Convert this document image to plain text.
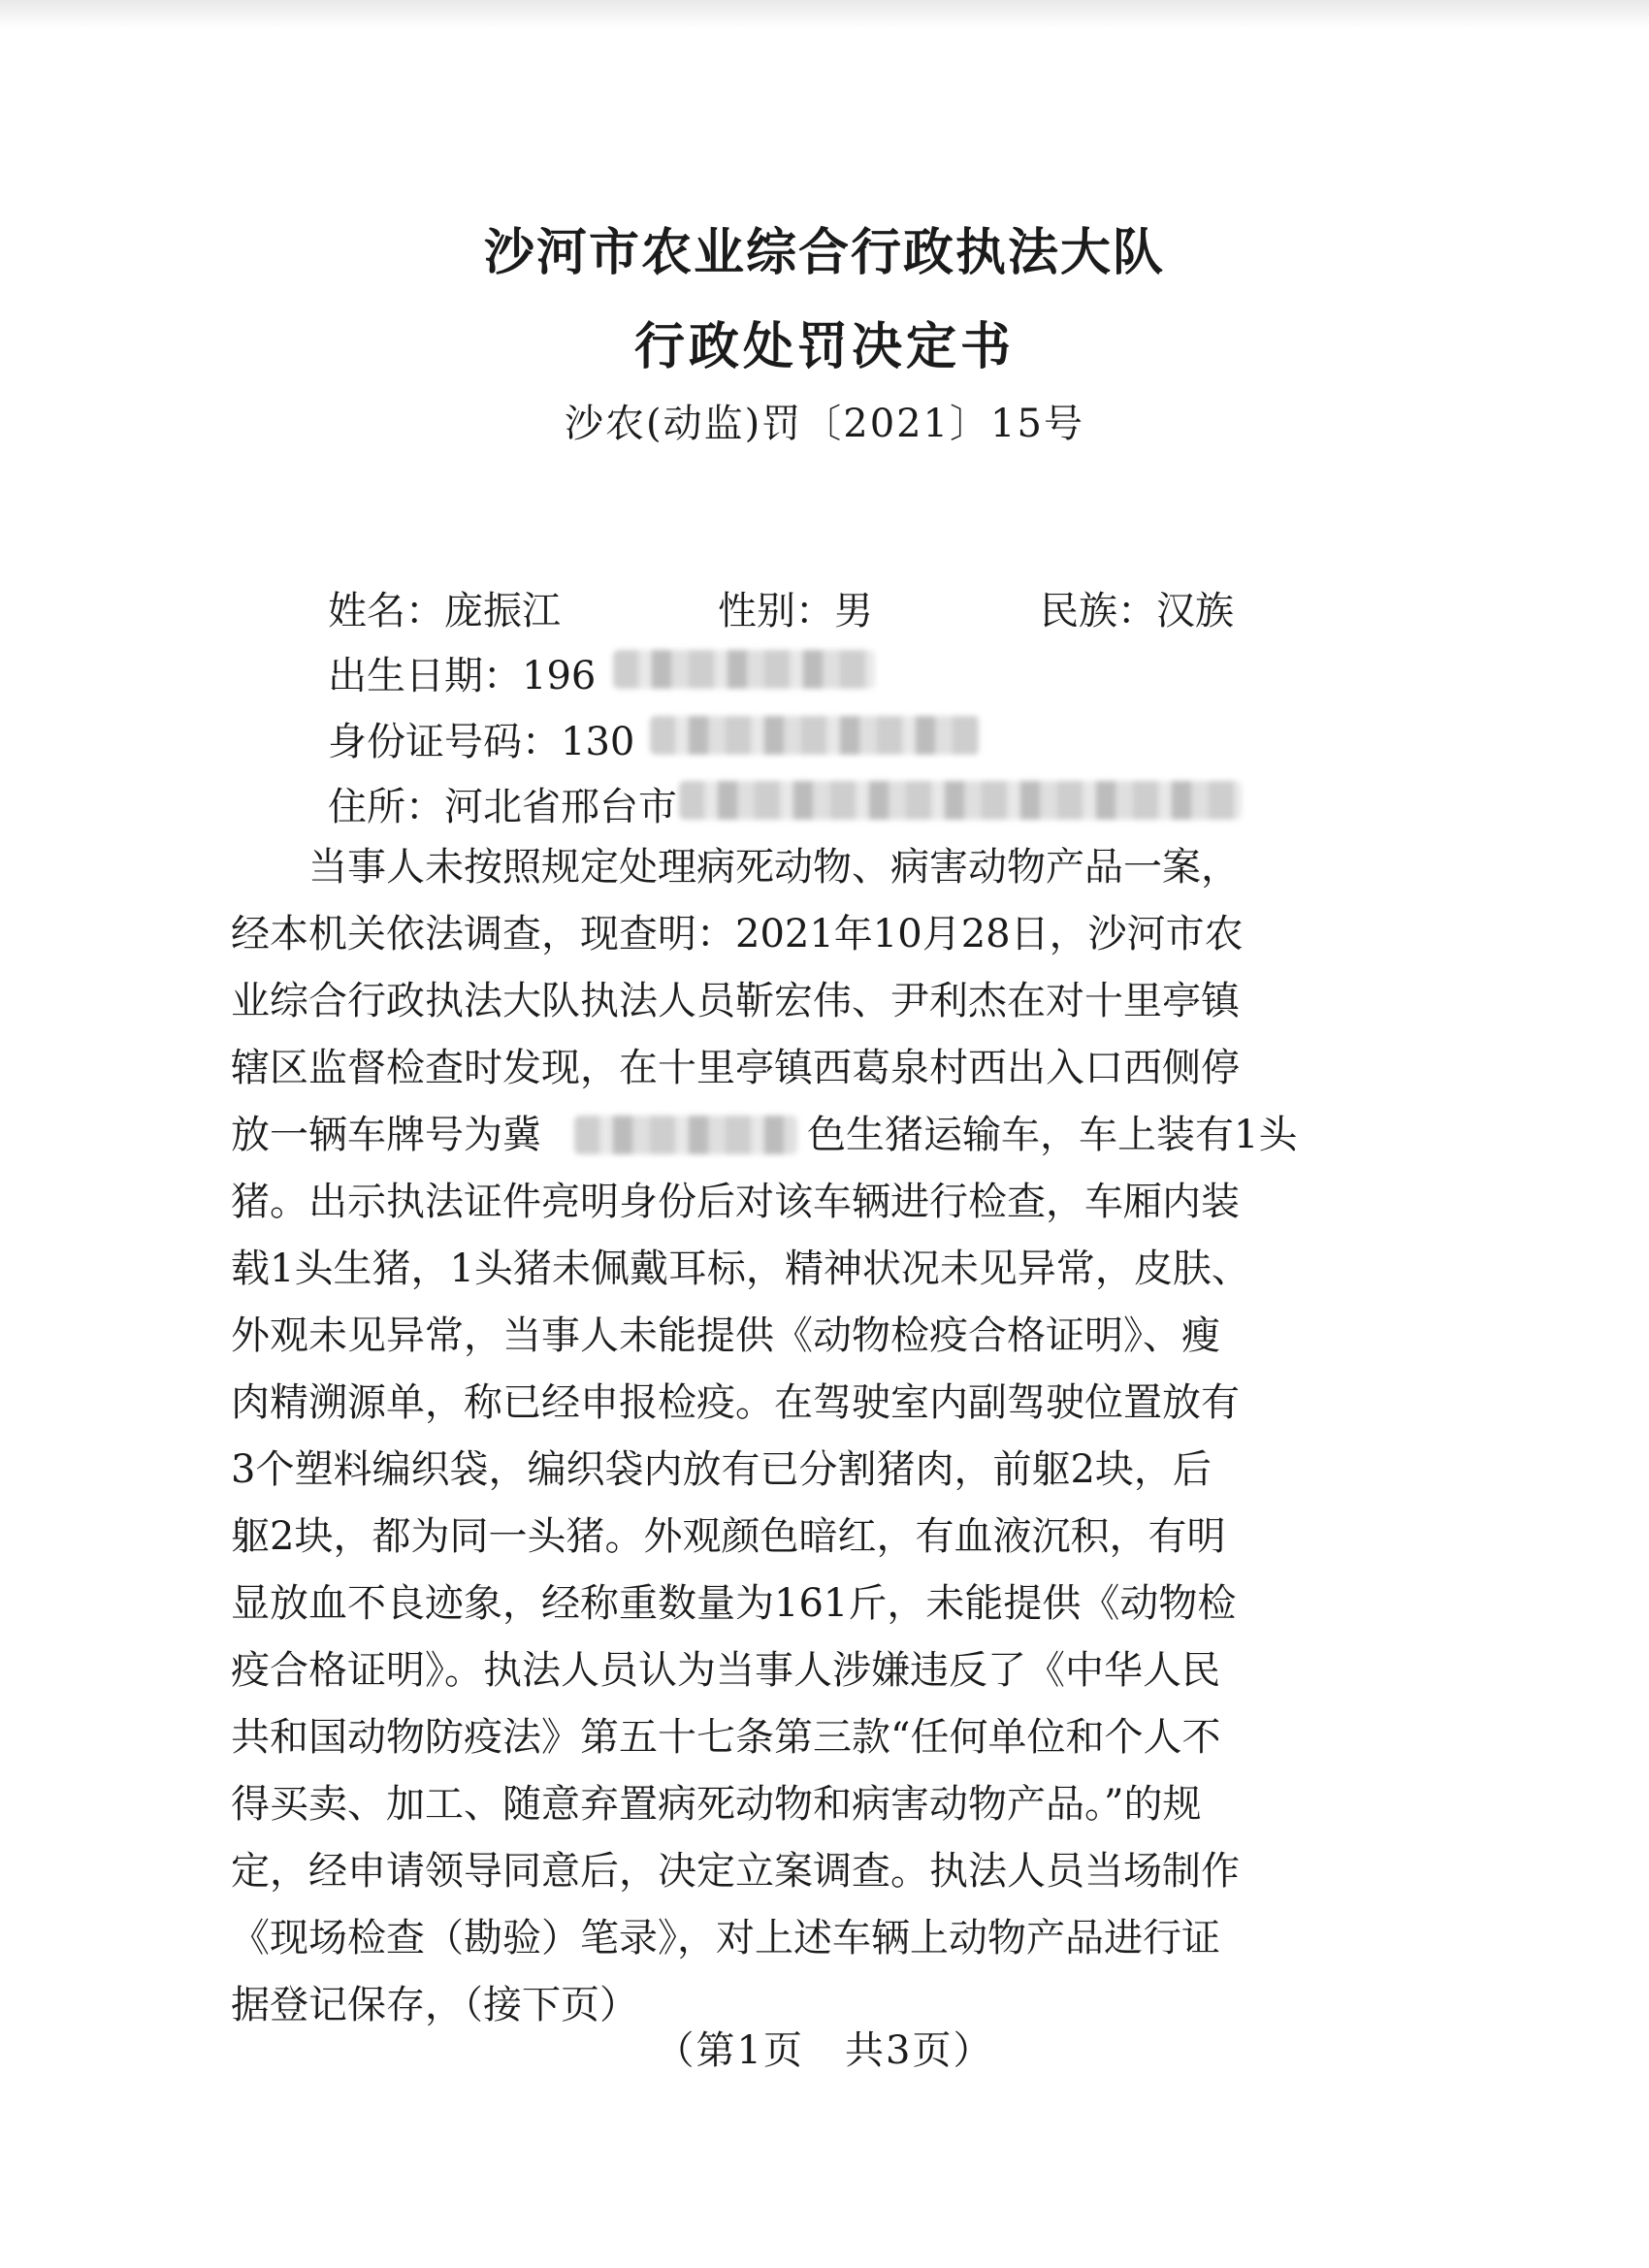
沙河市农业综合行政执法大队
行政处罚决定书
沙农(动监)罚〔2021〕15号
姓名：庞振江	性别：男	民族：汉族
出生日期：196
身份证号码：130
住所：河北省邢台市
　　当事人未按照规定处理病死动物、病害动物产品一案，
经本机关依法调查，现查明：2021年10月28日，沙河市农
业综合行政执法大队执法人员靳宏伟、尹利杰在对十里亭镇
辖区监督检查时发现，在十里亭镇西葛泉村西出入口西侧停
放一辆车牌号为冀	色生猪运输车，车上装有1头
猪。出示执法证件亮明身份后对该车辆进行检查，车厢内装
载1头生猪，1头猪未佩戴耳标，精神状况未见异常，皮肤、
外观未见异常，当事人未能提供《动物检疫合格证明》、瘦
肉精溯源单，称已经申报检疫。在驾驶室内副驾驶位置放有
3个塑料编织袋，编织袋内放有已分割猪肉，前躯2块，后
躯2块，都为同一头猪。外观颜色暗红，有血液沉积，有明
显放血不良迹象，经称重数量为161斤，未能提供《动物检
疫合格证明》。执法人员认为当事人涉嫌违反了《中华人民
共和国动物防疫法》第五十七条第三款“任何单位和个人不
得买卖、加工、随意弃置病死动物和病害动物产品。”的规
定，经申请领导同意后，决定立案调查。执法人员当场制作
《现场检查（勘验）笔录》，对上述车辆上动物产品进行证
据登记保存，（接下页）
（第1页　共3页）
